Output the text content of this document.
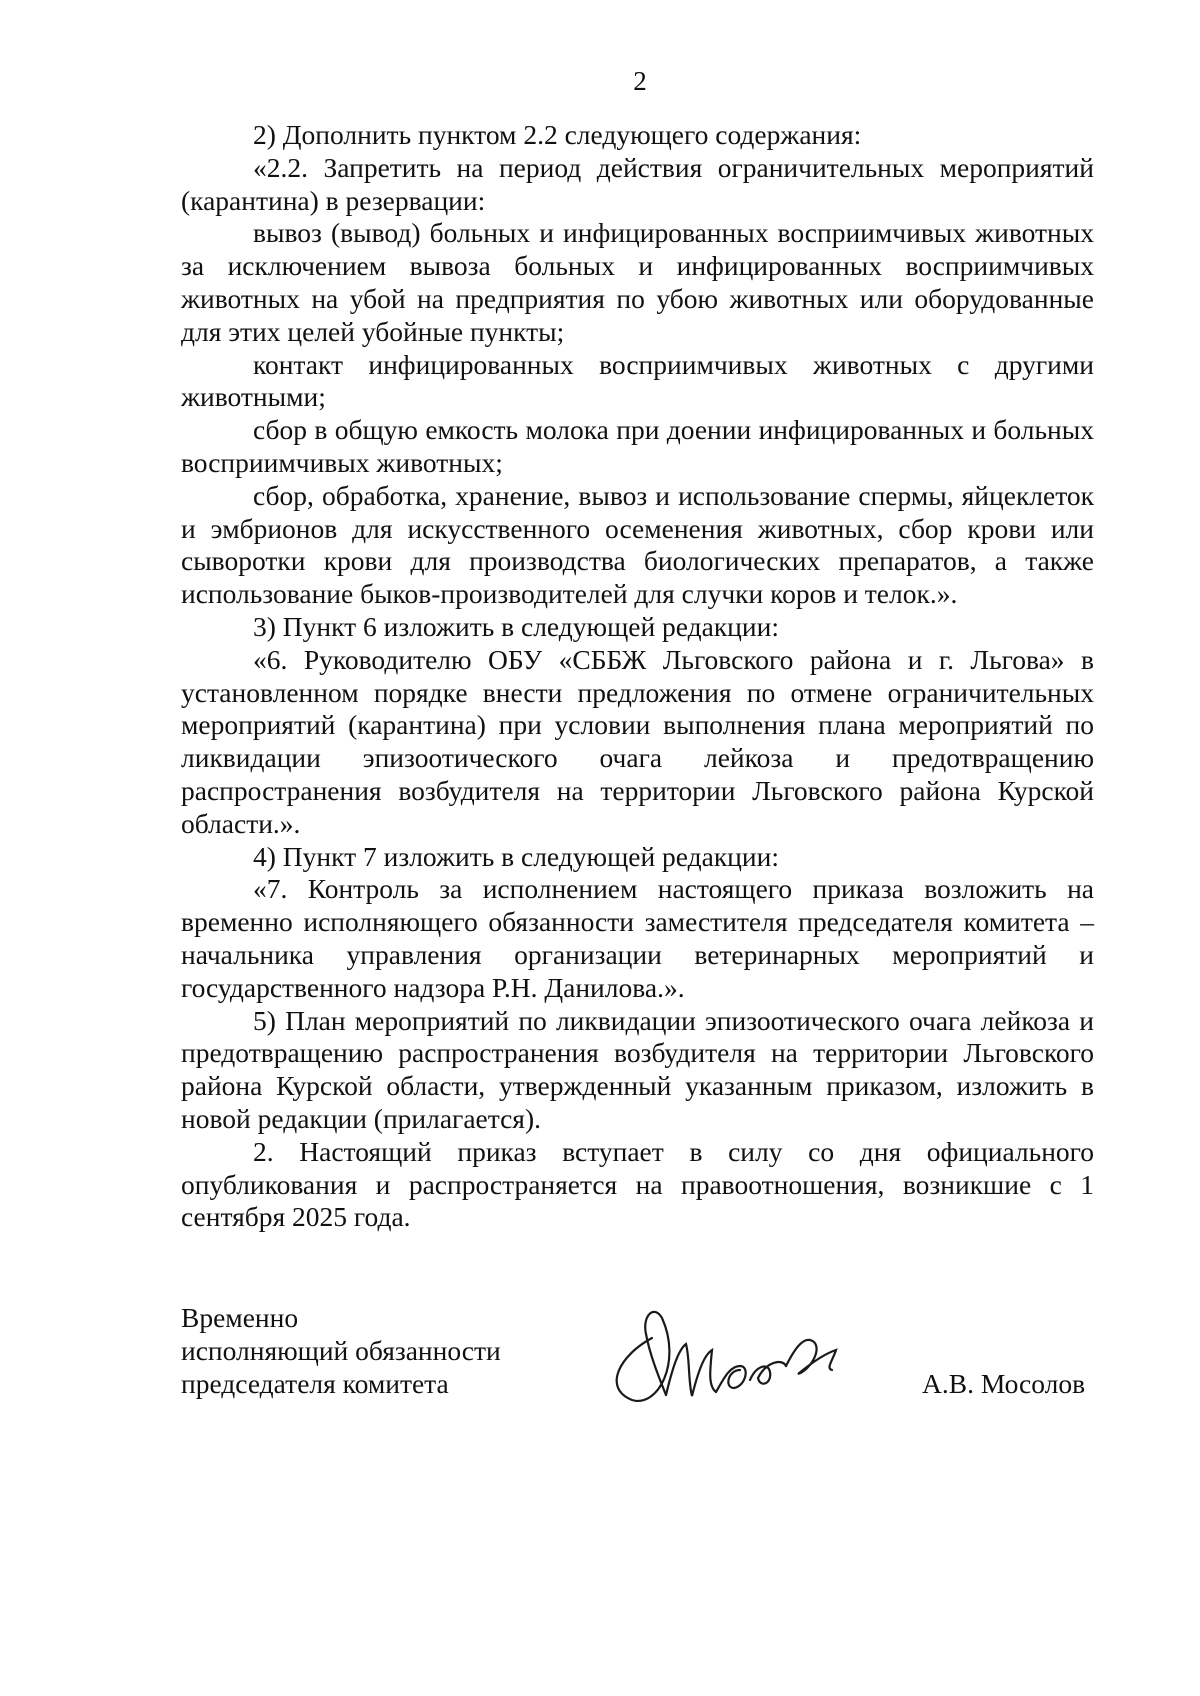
2

2) Дополнить пунктом 2.2 следующего содержания:

«2.2. Запретить на период действия ограничительных мероприятий (карантина) в резервации:

вывоз (вывод) больных и инфицированных восприимчивых животных за исключением вывоза больных и инфицированных восприимчивых животных на убой на предприятия по убою животных или оборудованные для этих целей убойные пункты;

контакт инфицированных восприимчивых животных с другими животными;

сбор в общую емкость молока при доении инфицированных и больных восприимчивых животных;

сбор, обработка, хранение, вывоз и использование спермы, яйцеклеток и эмбрионов для искусственного осеменения животных, сбор крови или сыворотки крови для производства биологических препаратов, а также использование быков-производителей для случки коров и телок.».

3) Пункт 6 изложить в следующей редакции:

«6. Руководителю ОБУ «СББЖ Льговского района и г. Льгова» в установленном порядке внести предложения по отмене ограничительных мероприятий (карантина) при условии выполнения плана мероприятий по ликвидации эпизоотического очага лейкоза и предотвращению распространения возбудителя на территории Льговского района Курской области.».

4) Пункт 7 изложить в следующей редакции:

«7. Контроль за исполнением настоящего приказа возложить на временно исполняющего обязанности заместителя председателя комитета – начальника управления организации ветеринарных мероприятий и государственного надзора Р.Н. Данилова.».

5) План мероприятий по ликвидации эпизоотического очага лейкоза и предотвращению распространения возбудителя на территории Льговского района Курской области, утвержденный указанным приказом, изложить в новой редакции (прилагается).

2. Настоящий приказ вступает в силу со дня официального опубликования и распространяется на правоотношения, возникшие с 1 сентября 2025 года.

Временно
исполняющий обязанности
председателя комитета	А.В. Мосолов
